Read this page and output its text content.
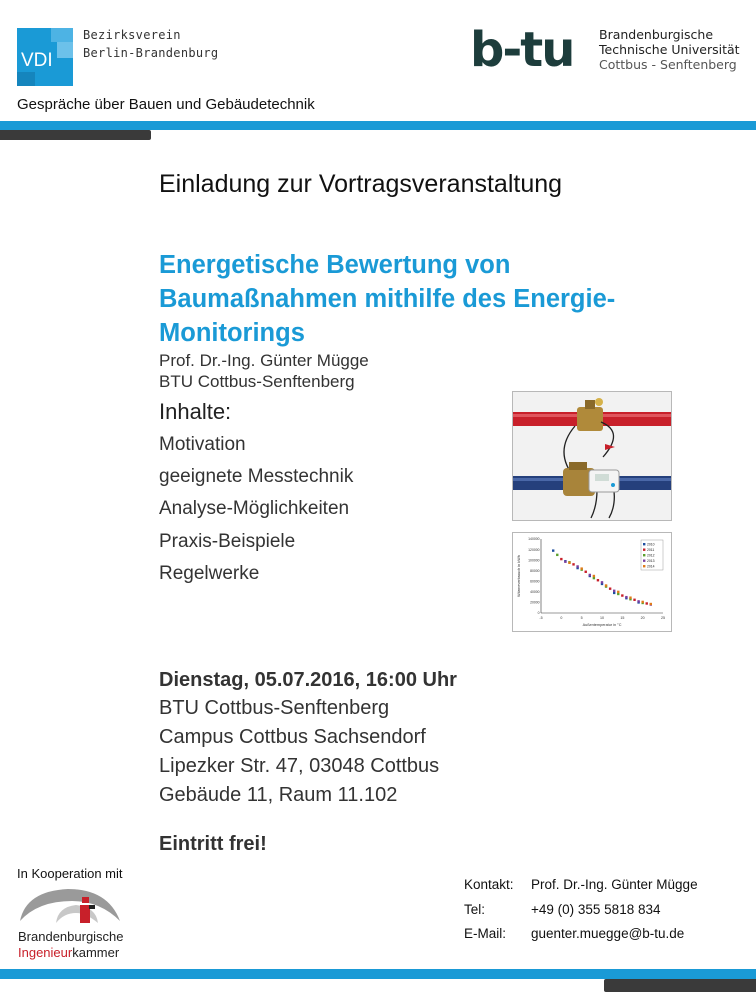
VDI
Bezirksverein
Berlin-Brandenburg	b-tu Brandenburgische
Technische Universität
Cottbus - Senftenberg
Gespräche über Bauen und Gebäudetechnik
Einladung zur Vortragsveranstaltung
Energetische Bewertung von
Baumaßnahmen mithilfe des Energie-
Monitorings
Prof. Dr.-Ing. Günter Mügge
BTU Cottbus-Senftenberg
Inhalte:
Motivation
geeignete Messtechnik
Analyse-Möglichkeiten
Praxis-Beispiele
Regelwerke
-5	0	5	10	15	20	25
0
20000
40000
60000
80000
100000
120000
140000
Außentemperatur in °C
Wärmeverbrauch in kWh
2010
2011
2012
2013
2014
Dienstag, 05.07.2016, 16:00 Uhr
BTU Cottbus-Senftenberg
Campus Cottbus Sachsendorf
Lipezker Str. 47, 03048 Cottbus
Gebäude 11, Raum 11.102
Eintritt frei!
In Kooperation mit
Brandenburgische
Ingenieurkammer
Kontakt:	Prof. Dr.-Ing. Günter Mügge
Tel:	+49 (0) 355 5818 834
E-Mail:	guenter.muegge@b-tu.de
